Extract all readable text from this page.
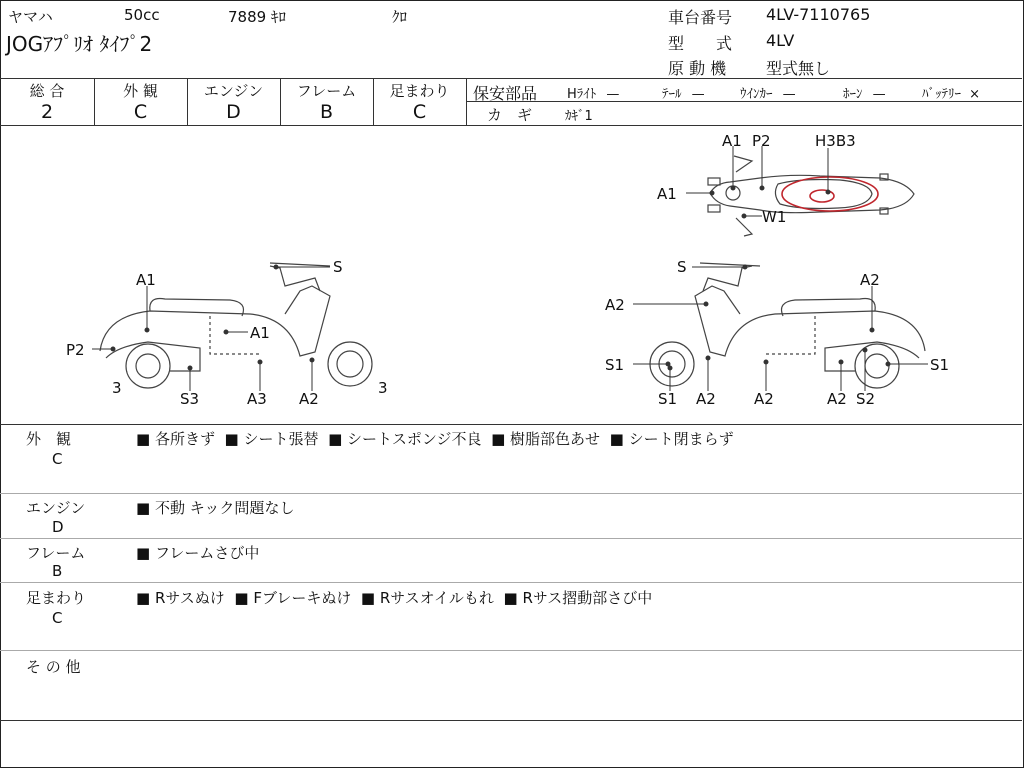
ヤマハ	50cc	7889 ｷﾛ	ｸﾛ
JOGｱﾌﾟﾘｵ ﾀｲﾌﾟ2
車台番号 4LV-7110765
型　　式 4LV
原 動 機 型式無し
総 合
2
外 観
C
エンジン
D
フレーム
B
足まわり
C
保安部品 Hﾗｲﾄ —	ﾃｰﾙ —	ｳｲﾝｶｰ —	ﾎｰﾝ —	ﾊﾞｯﾃﾘｰ ×
カ　ギ	ｶｷﾞ1
A1 P2	H3B3
A1
W1
S
A1
A1
P2
3	3
S3	A3 A2
S
A2
A2
S1	S1
S1 A2	A2	A2 S2
外　観
C
■ 各所きず ■ シート張替 ■ シートスポンジ不良 ■ 樹脂部色あせ ■ シート閉まらず
エンジン
D
■ 不動 キック問題なし
フレーム
B
■ フレームさび中
足まわり
C
■ Rサスぬけ ■ Fブレーキぬけ ■ Rサスオイルもれ ■ Rサス摺動部さび中
そ の 他
